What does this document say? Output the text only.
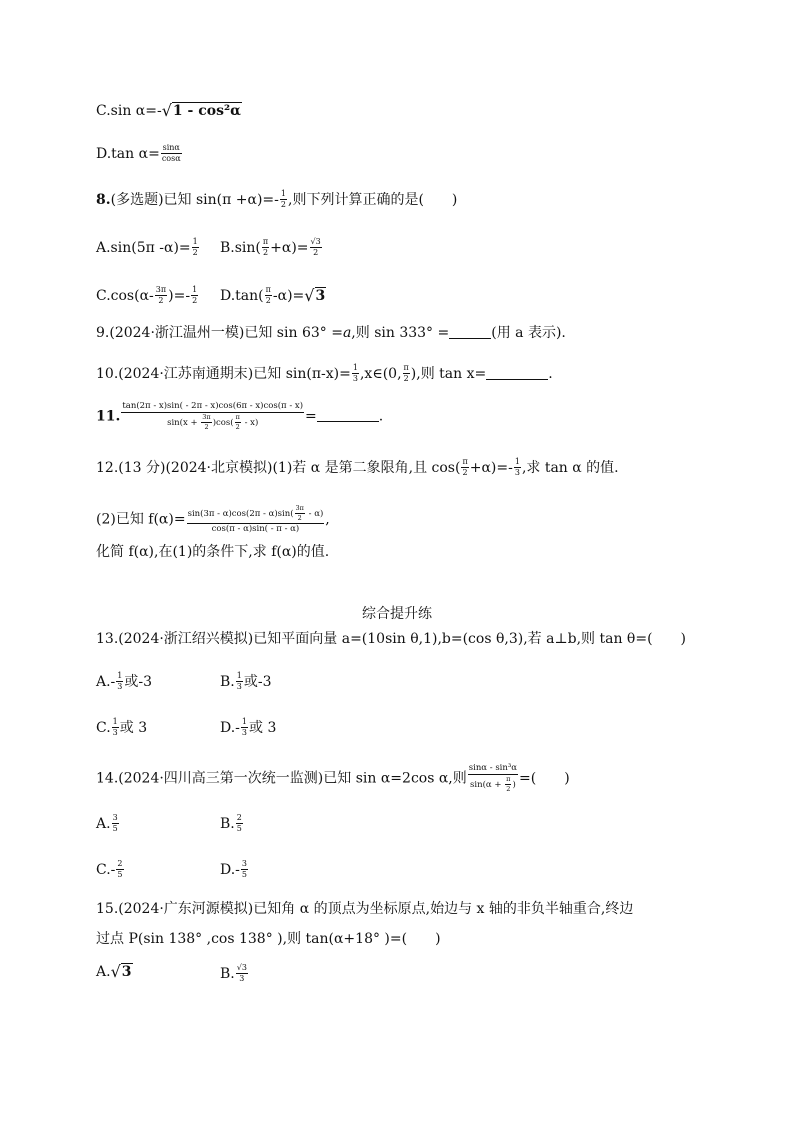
C.sin α=-√1 - cos²α
D.tan $\alpha= \frac{\sin\alpha}{\cos\alpha}$
8.(多选题)已知 $\sin(\pi +\alpha)=- \frac{1}{2}$ ,则下列计算正确的是(　　)
A.sin(5π $-\alpha)= \frac{1}{2} B.\sin( \frac{\pi}{2} +\alpha)= \frac{√3}{2}$
$C.\cos(\alpha- \frac{3\pi}{2}$ )=- $\frac{1}{2} D.\tan( \frac{\pi}{2} -\alpha)=√3$
9.(2024·浙江温州一模)已知 sin 63° =a,则 sin 333° =	(用 a 表示).
10.(2024·江苏南通期末)已知 $\sin(\pi-x)= \frac{1}{3}$ ,x∈(0, $\frac{\pi}{2}$ ),则 tan x=	.
11. $\frac{\tan(2\pi - x)\sin( - 2\pi - x)\cos(6\pi - x)\cos(\pi - x)}{\sin(x + \frac{3\pi}{2} )\cos( \frac{\pi}{2} - x)}$ =	.
12.(13 分)(2024·北京模拟)(1)若 α 是第二象限角,且 $\cos( \frac{\pi}{2} +\alpha)=- \frac{1}{3}$ ,求 tan α 的值.
(2)已知 $f(\alpha)= \frac{\sin(3\pi - \alpha)\cos(2\pi - \alpha)\sin( \frac{3\pi}{2} - \alpha)}{\cos(\pi - \alpha)\sin( - \pi - \alpha)}$ ,
化简 f(α),在(1)的条件下,求 f(α)的值.
综合提升练
13.(2024·浙江绍兴模拟)已知平面向量 a=(10sin θ,1),b=(cos θ,3),若 a⊥b,则 tan θ=(　　)
$A.- \frac{1}{3}$ 或-3	B. $\frac{1}{3}$ 或-3
C. $\frac{1}{3}$ 或 3	$D.- \frac{1}{3}$ 或 3
14.(2024·四川高三第一次统一监测)已知 sin α=2cos α,则 $\frac{\text{sinα - sin³α}}{\sin(\alpha + \frac{\pi}{2} )}$ =(　　)
A. $\frac{3}{5}$	B. $\frac{2}{5}$
$C.- \frac{2}{5}$	$D.- \frac{3}{5}$
15.(2024·广东河源模拟)已知角 α 的顶点为坐标原点,始边与 x 轴的非负半轴重合,终边
过点 P(sin 138° ,cos 138° ),则 tan(α+18° )=(　　)
A.√3	B. $\frac{√3}{3}$
